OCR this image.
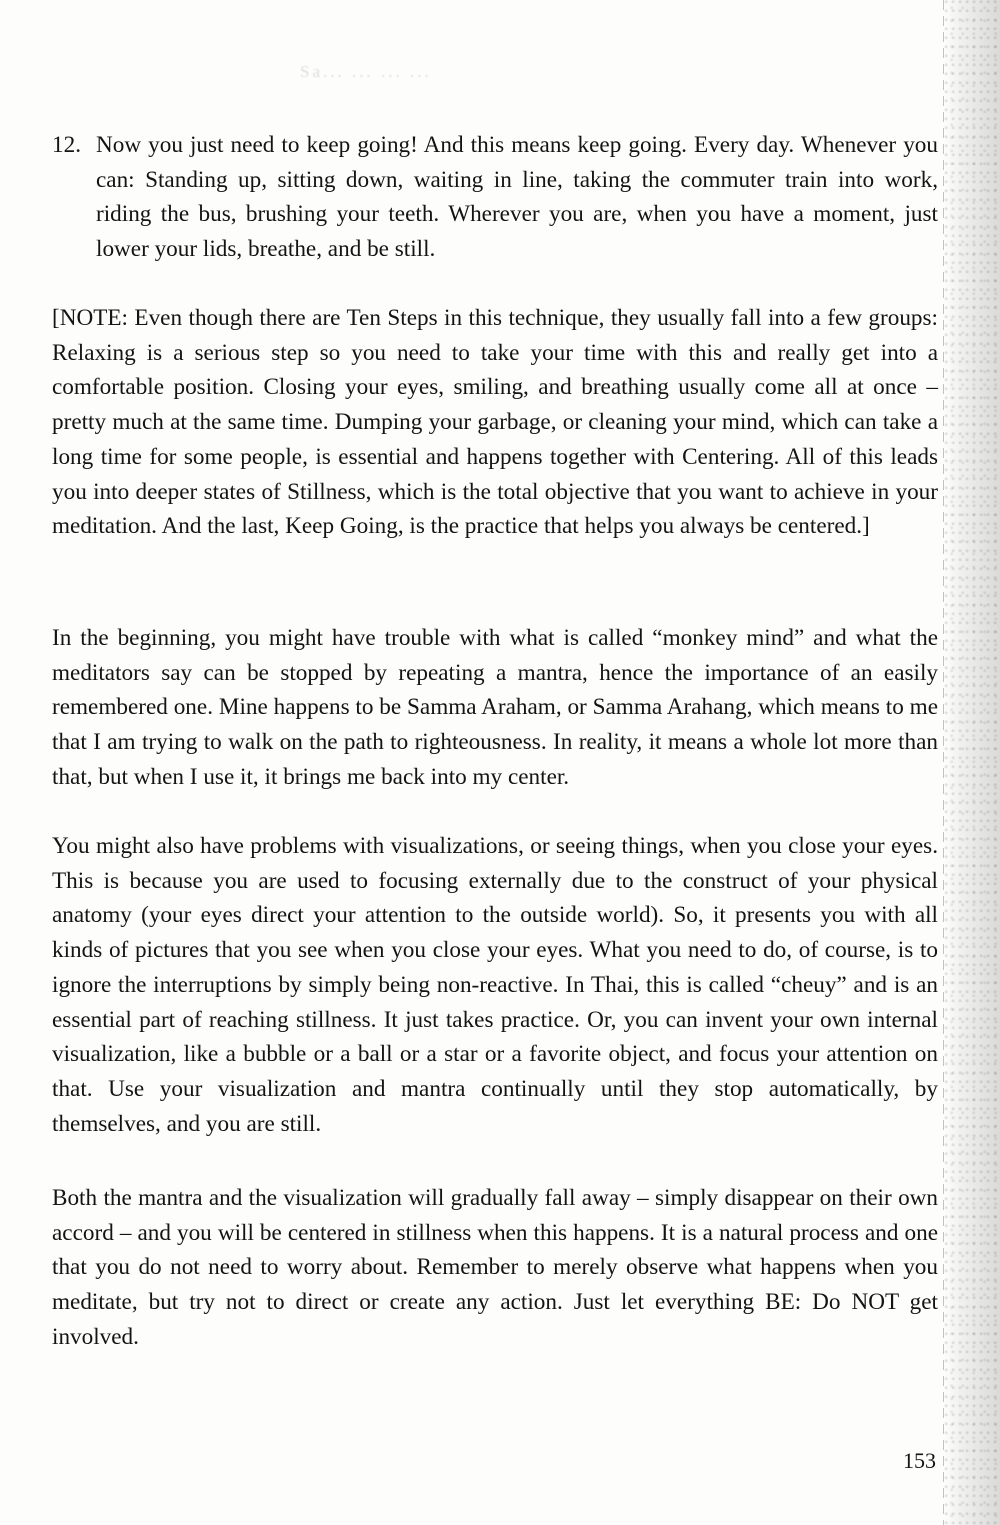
Sa... ... ... ...
12. Now you just need to keep going! And this means keep going. Every day. Whenever you can: Standing up, sitting down, waiting in line, taking the commuter train into work, riding the bus, brushing your teeth. Wherever you are, when you have a moment, just lower your lids, breathe, and be still.
[NOTE: Even though there are Ten Steps in this technique, they usually fall into a few groups: Relaxing is a serious step so you need to take your time with this and really get into a comfortable position. Closing your eyes, smiling, and breathing usually come all at once – pretty much at the same time. Dumping your garbage, or cleaning your mind, which can take a long time for some people, is essential and happens together with Centering. All of this leads you into deeper states of Stillness, which is the total objective that you want to achieve in your meditation. And the last, Keep Going, is the practice that helps you always be centered.]
In the beginning, you might have trouble with what is called “monkey mind” and what the meditators say can be stopped by repeating a mantra, hence the importance of an easily remembered one. Mine happens to be Samma Araham, or Samma Arahang, which means to me that I am trying to walk on the path to righteousness. In reality, it means a whole lot more than that, but when I use it, it brings me back into my center.
You might also have problems with visualizations, or seeing things, when you close your eyes. This is because you are used to focusing externally due to the construct of your physical anatomy (your eyes direct your attention to the outside world). So, it presents you with all kinds of pictures that you see when you close your eyes. What you need to do, of course, is to ignore the interruptions by simply being non-reactive. In Thai, this is called “cheuy” and is an essential part of reaching stillness. It just takes practice. Or, you can invent your own internal visualization, like a bubble or a ball or a star or a favorite object, and focus your attention on that. Use your visualization and mantra continually until they stop automatically, by themselves, and you are still.
Both the mantra and the visualization will gradually fall away – simply disappear on their own accord – and you will be centered in stillness when this happens. It is a natural process and one that you do not need to worry about. Remember to merely observe what happens when you meditate, but try not to direct or create any action. Just let everything BE: Do NOT get involved.
153
